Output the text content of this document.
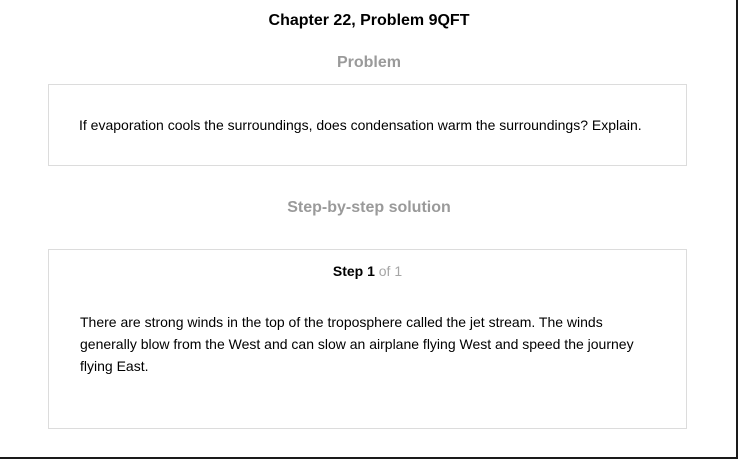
Chapter 22, Problem 9QFT
Problem
If evaporation cools the surroundings, does condensation warm the surroundings? Explain.
Step-by-step solution
Step 1 of 1
There are strong winds in the top of the troposphere called the jet stream. The winds generally blow from the West and can slow an airplane flying West and speed the journey flying East.
